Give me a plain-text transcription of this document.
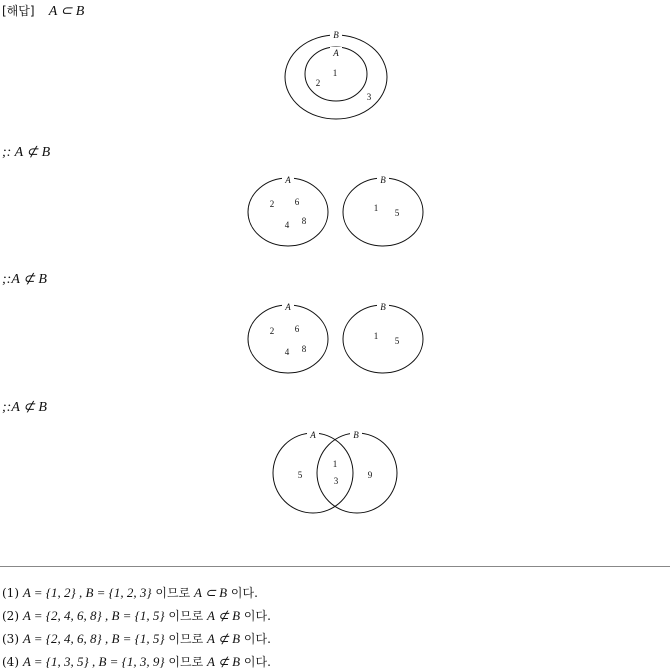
[해답] A ⊂ B
;: A ⊄ B
;:A ⊄ B
;:A ⊄ B
B
A
1
2
3
A	B
2 6
4 8
1 5
A	B
2 6
4 8
1 5
A	B
5
1
3
9
(1) A = {1, 2} , B = {1, 2, 3} 이므로 A ⊂ B 이다.
(2) A = {2, 4, 6, 8} , B = {1, 5} 이므로 A ⊄ B 이다.
(3) A = {2, 4, 6, 8} , B = {1, 5} 이므로 A ⊄ B 이다.
(4) A = {1, 3, 5} , B = {1, 3, 9} 이므로 A ⊄ B 이다.
